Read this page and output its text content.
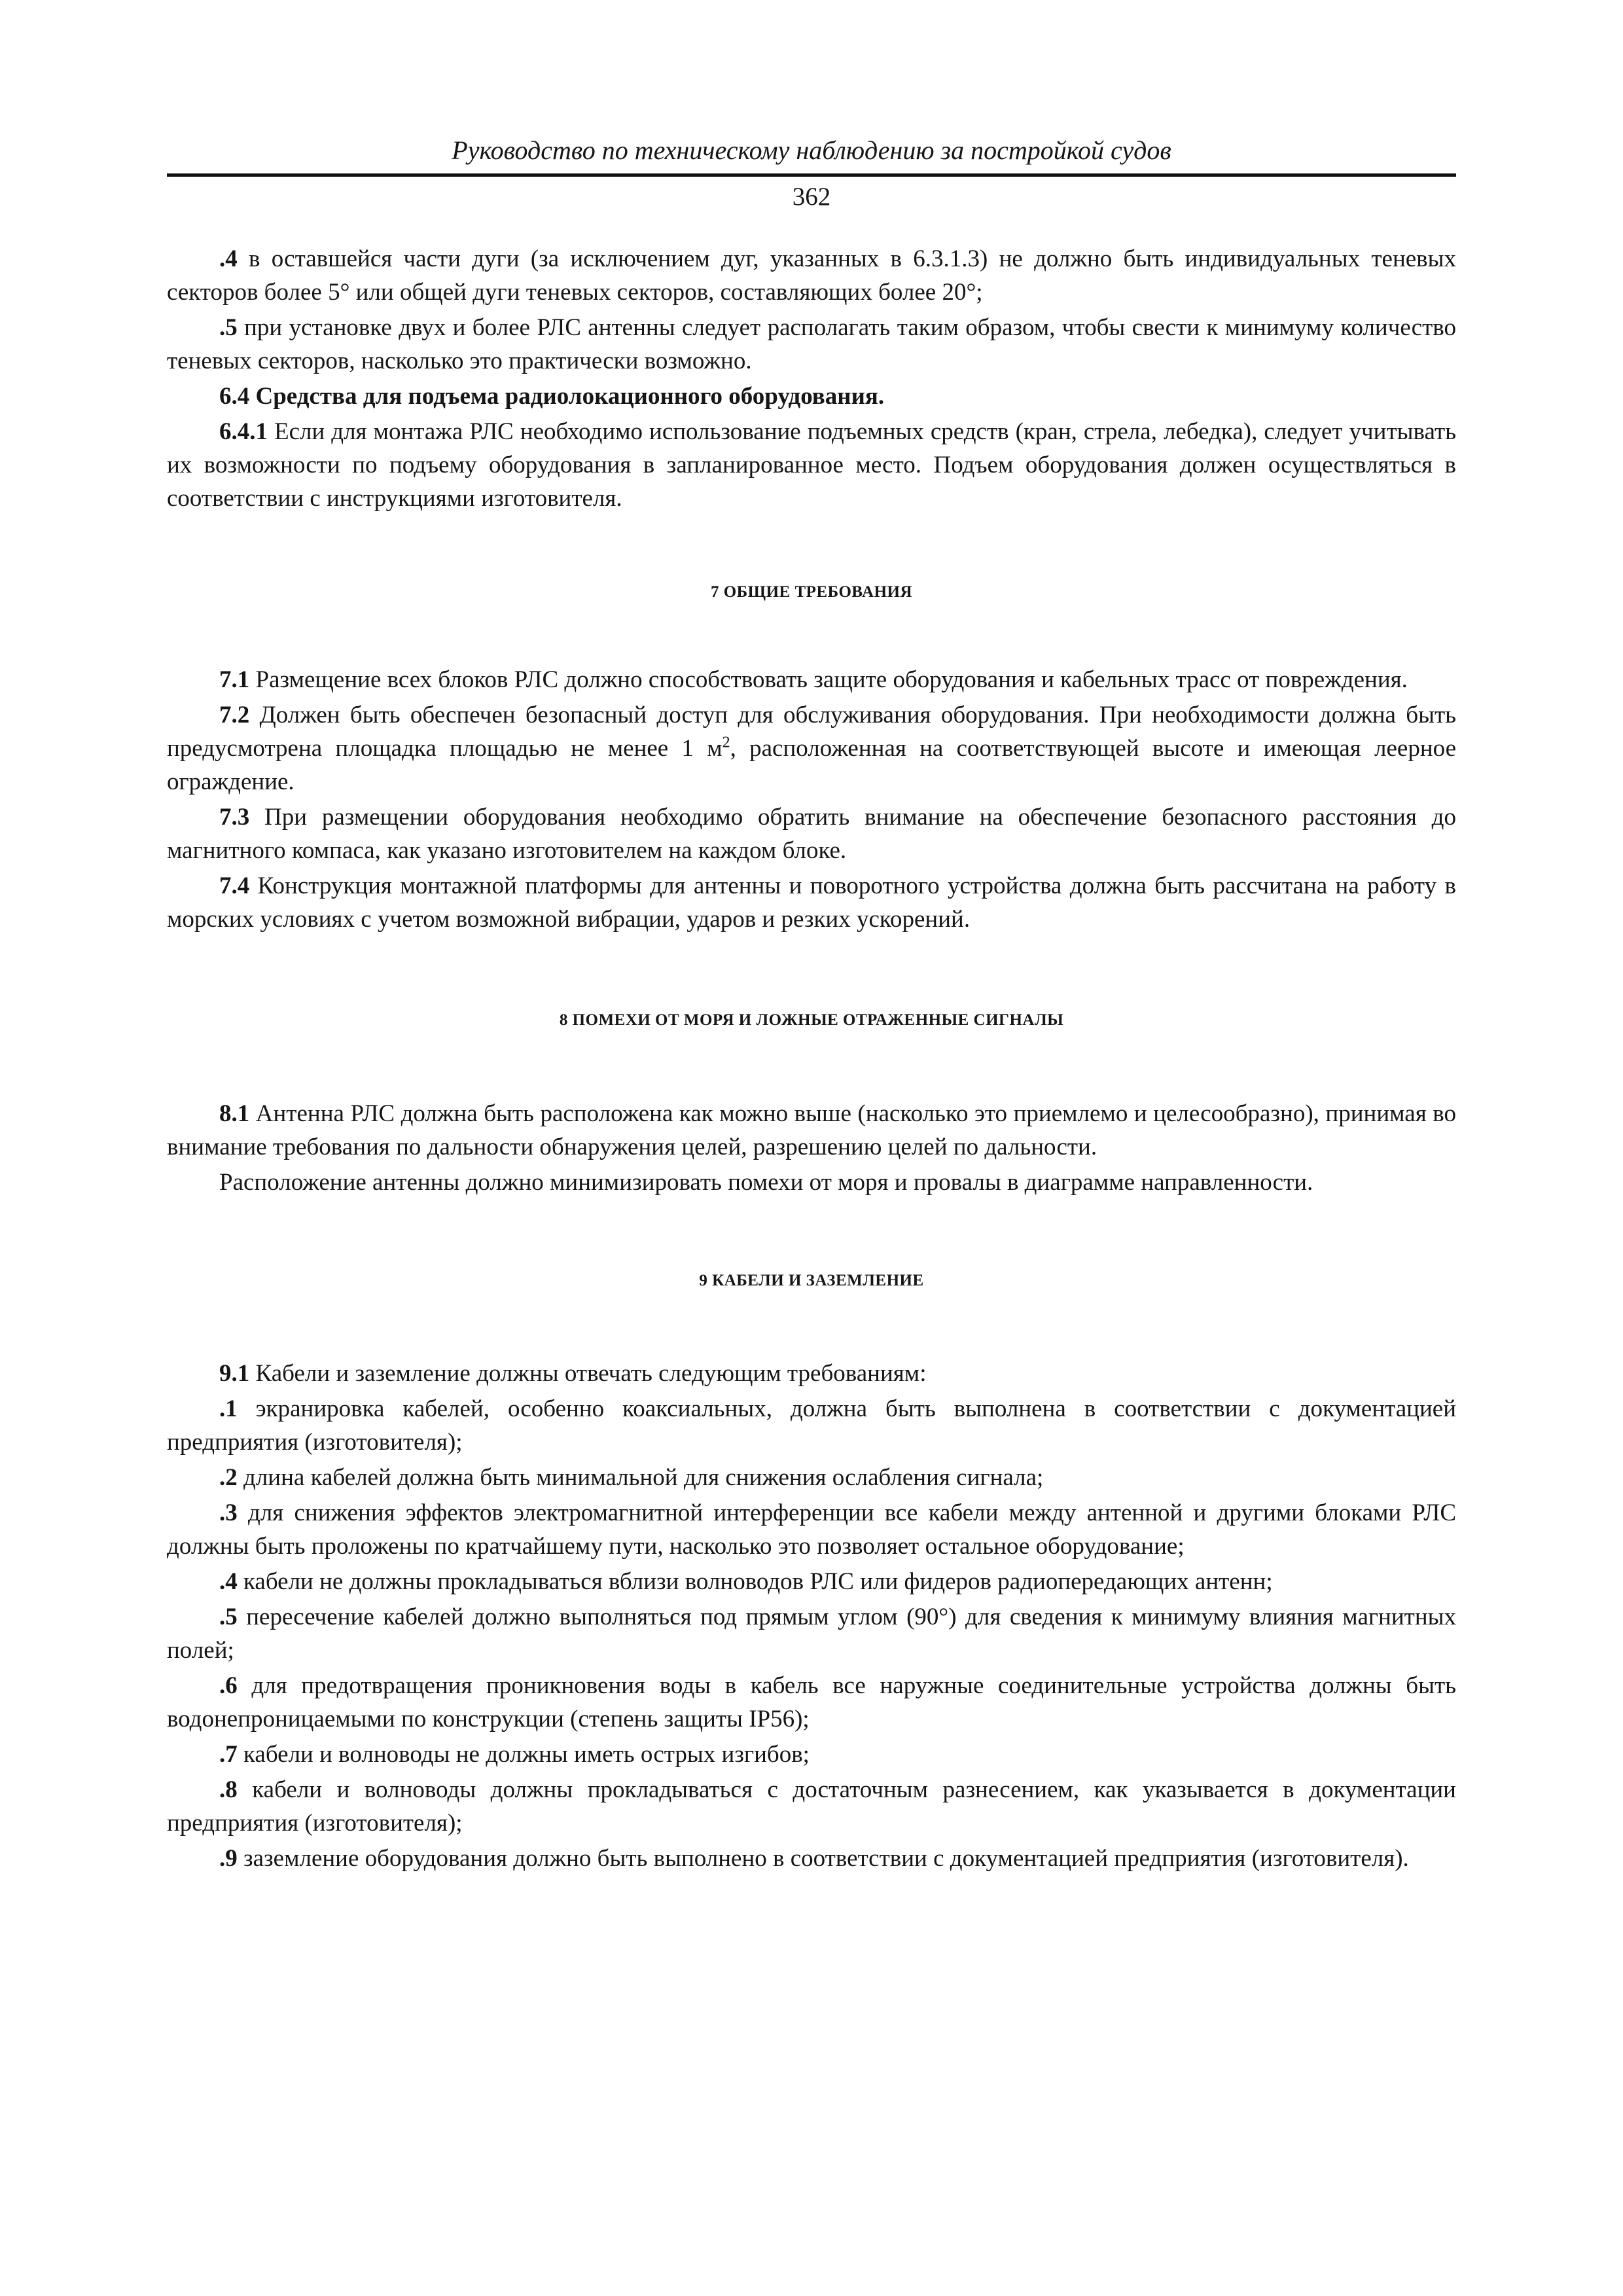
Руководство по техническому наблюдению за постройкой судов
362

.4 в оставшейся части дуги (за исключением дуг, указанных в 6.3.1.3) не должно быть индивидуальных теневых секторов более 5° или общей дуги теневых секторов, составляющих более 20°;

.5 при установке двух и более РЛС антенны следует располагать таким образом, чтобы свести к минимуму количество теневых секторов, насколько это практически возможно.

6.4 Средства для подъема радиолокационного оборудования.

6.4.1 Если для монтажа РЛС необходимо использование подъемных средств (кран, стрела, лебедка), следует учитывать их возможности по подъему оборудования в запланированное место. Подъем оборудования должен осуществляться в соответствии с инструкциями изготовителя.

7 ОБЩИЕ ТРЕБОВАНИЯ

7.1 Размещение всех блоков РЛС должно способствовать защите оборудования и кабельных трасс от повреждения.

7.2 Должен быть обеспечен безопасный доступ для обслуживания оборудования. При необходимости должна быть предусмотрена площадка площадью не менее 1 $м^2$, расположенная на соответствующей высоте и имеющая леерное ограждение.

7.3 При размещении оборудования необходимо обратить внимание на обеспечение безопасного расстояния до магнитного компаса, как указано изготовителем на каждом блоке.

7.4 Конструкция монтажной платформы для антенны и поворотного устройства должна быть рассчитана на работу в морских условиях с учетом возможной вибрации, ударов и резких ускорений.

8 ПОМЕХИ ОТ МОРЯ И ЛОЖНЫЕ ОТРАЖЕННЫЕ СИГНАЛЫ

8.1 Антенна РЛС должна быть расположена как можно выше (насколько это приемлемо и целесообразно), принимая во внимание требования по дальности обнаружения целей, разрешению целей по дальности.

Расположение антенны должно минимизировать помехи от моря и провалы в диаграмме направленности.

9 КАБЕЛИ И ЗАЗЕМЛЕНИЕ

9.1 Кабели и заземление должны отвечать следующим требованиям:

.1 экранировка кабелей, особенно коаксиальных, должна быть выполнена в соответствии с документацией предприятия (изготовителя);

.2 длина кабелей должна быть минимальной для снижения ослабления сигнала;

.3 для снижения эффектов электромагнитной интерференции все кабели между антенной и другими блоками РЛС должны быть проложены по кратчайшему пути, насколько это позволяет остальное оборудование;

.4 кабели не должны прокладываться вблизи волноводов РЛС или фидеров радиопередающих антенн;

.5 пересечение кабелей должно выполняться под прямым углом (90°) для сведения к минимуму влияния магнитных полей;

.6 для предотвращения проникновения воды в кабель все наружные соединительные устройства должны быть водонепроницаемыми по конструкции (степень защиты IP56);

.7 кабели и волноводы не должны иметь острых изгибов;

.8 кабели и волноводы должны прокладываться с достаточным разнесением, как указывается в документации предприятия (изготовителя);

.9 заземление оборудования должно быть выполнено в соответствии с документацией предприятия (изготовителя).
